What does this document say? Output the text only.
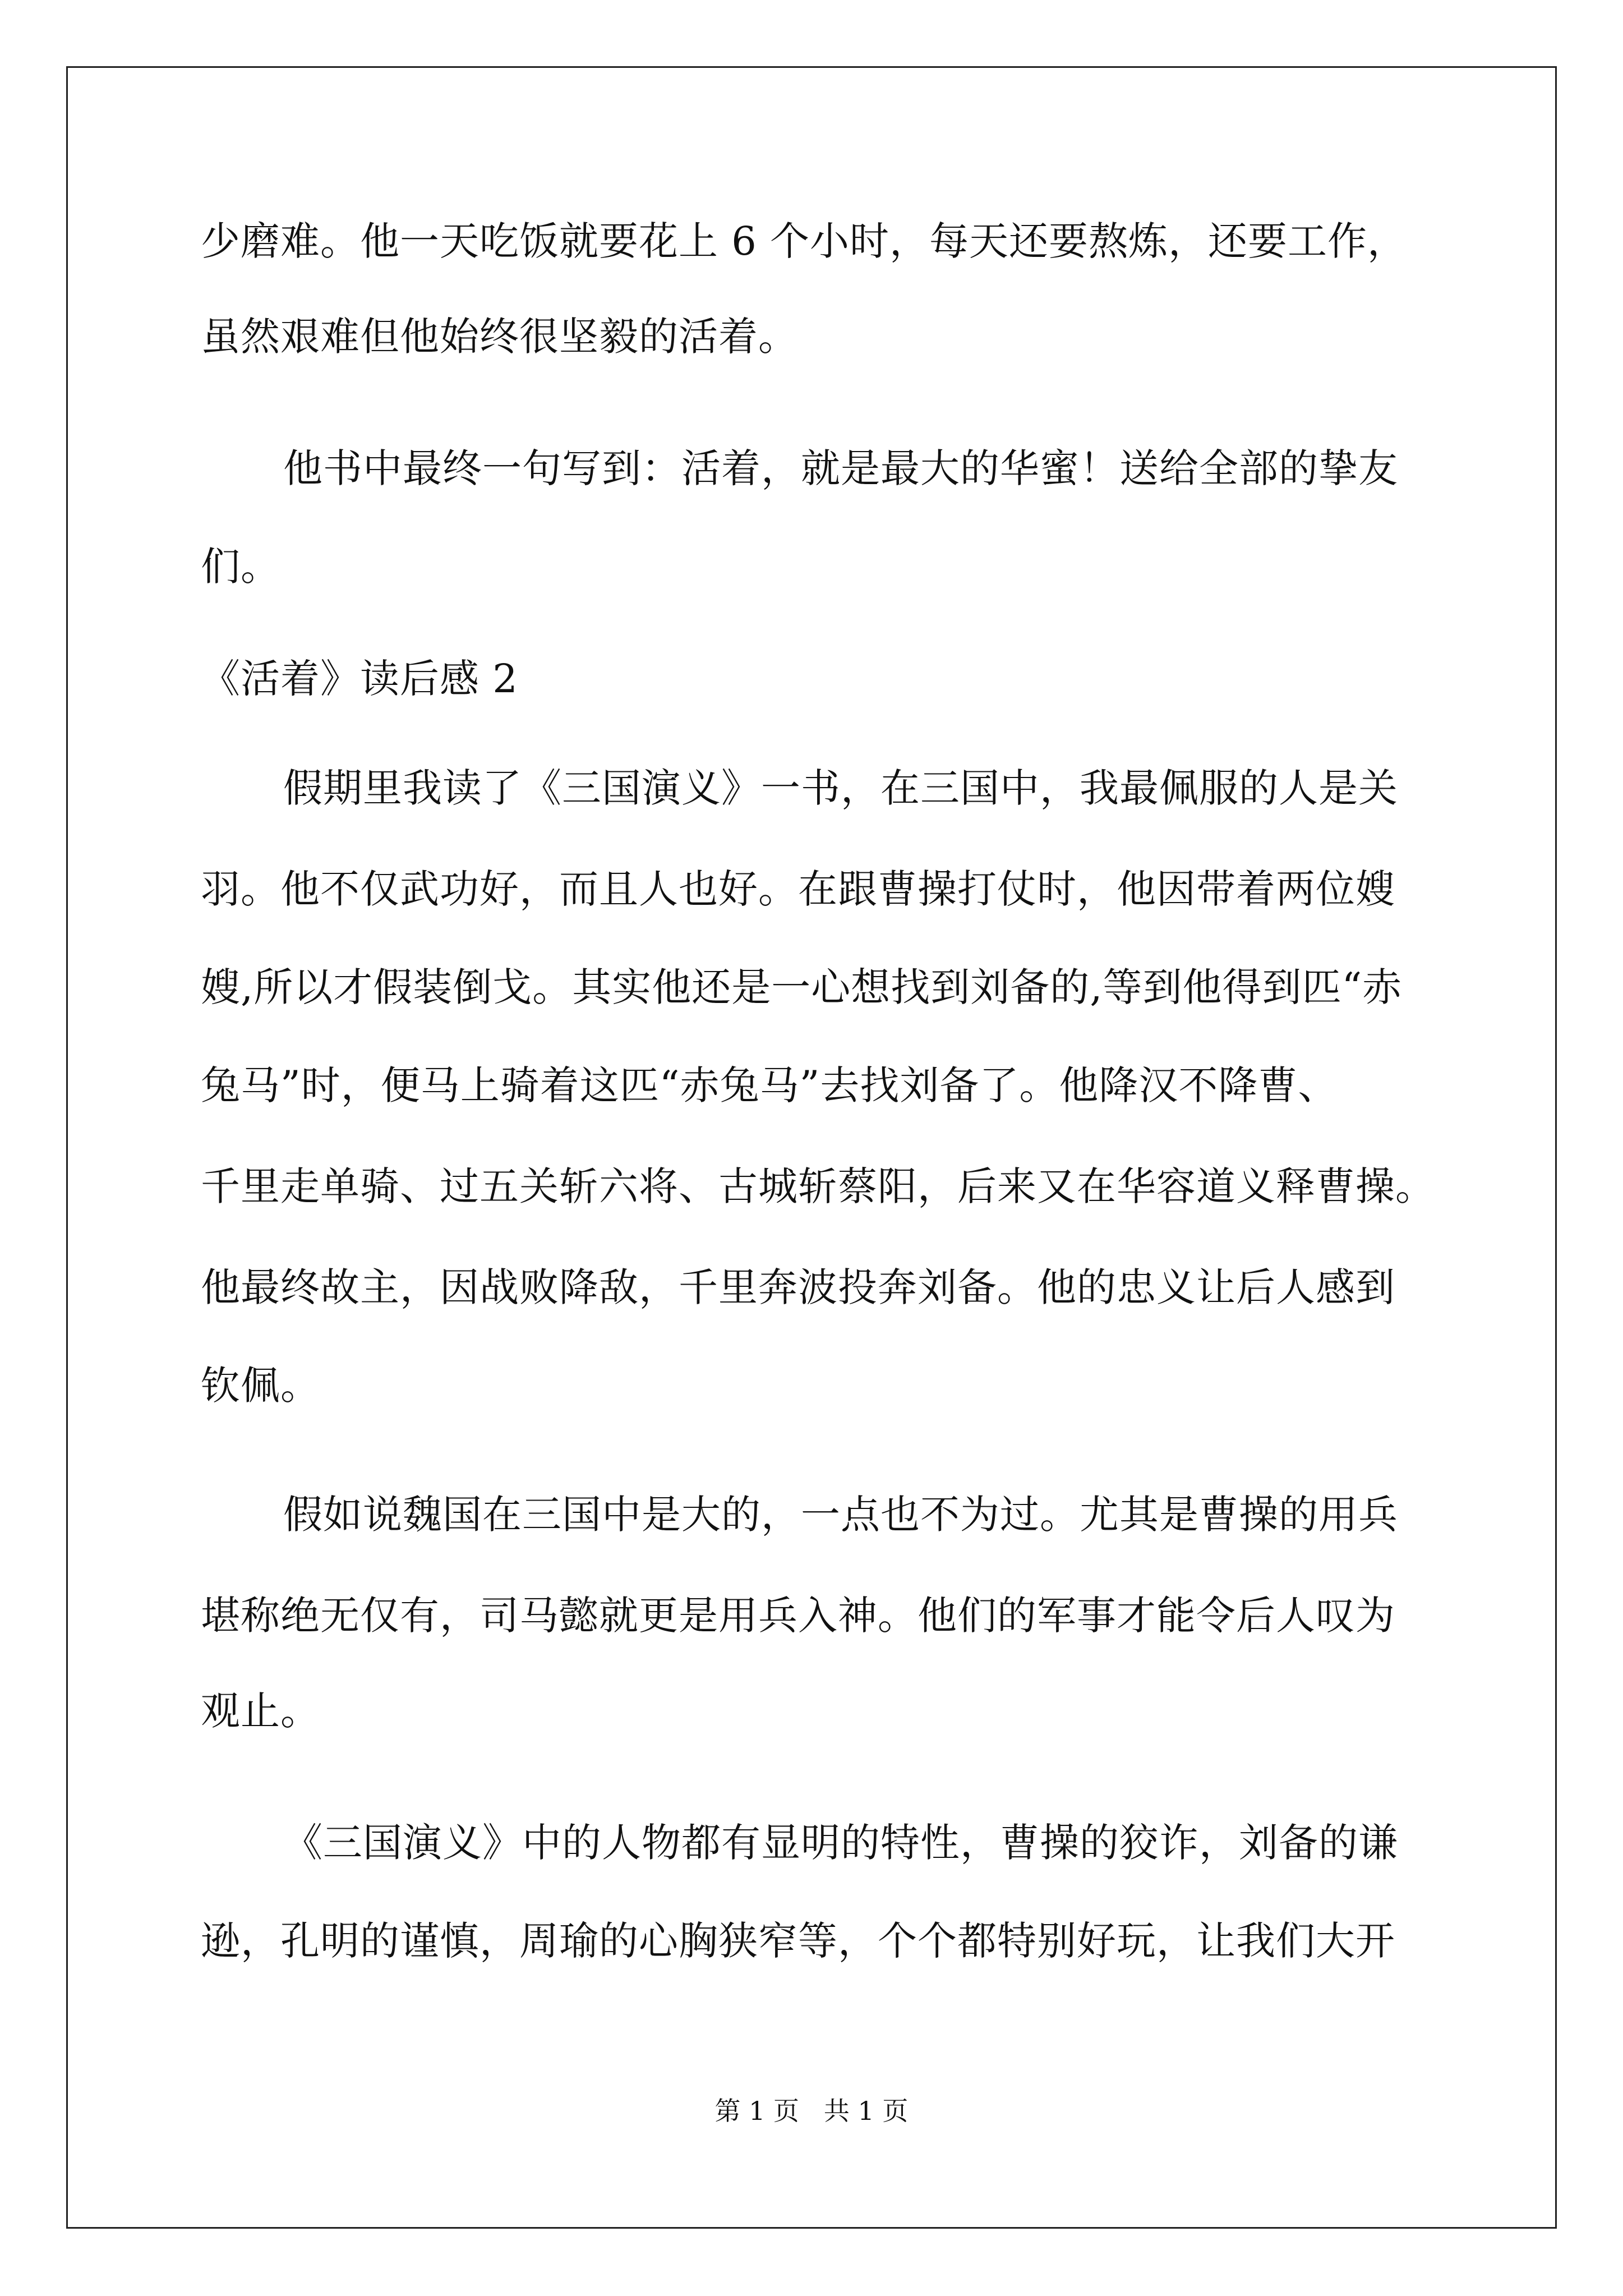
少磨难。他一天吃饭就要花上 6 个小时，每天还要熬炼，还要工作，
虽然艰难但他始终很坚毅的活着。
他书中最终一句写到：活着，就是最大的华蜜！送给全部的挚友
们。
《活着》读后感 2
假期里我读了《三国演义》一书，在三国中，我最佩服的人是关
羽。他不仅武功好，而且人也好。在跟曹操打仗时，他因带着两位嫂
嫂,所以才假装倒戈。其实他还是一心想找到刘备的,等到他得到匹“赤
兔马”时，便马上骑着这匹“赤兔马”去找刘备了。他降汉不降曹、
千里走单骑、过五关斩六将、古城斩蔡阳，后来又在华容道义释曹操。
他最终故主，因战败降敌，千里奔波投奔刘备。他的忠义让后人感到
钦佩。
假如说魏国在三国中是大的，一点也不为过。尤其是曹操的用兵
堪称绝无仅有，司马懿就更是用兵入神。他们的军事才能令后人叹为
观止。
《三国演义》中的人物都有显明的特性，曹操的狡诈，刘备的谦
逊，孔明的谨慎，周瑜的心胸狭窄等，个个都特别好玩，让我们大开
第 1 页   共 1 页
